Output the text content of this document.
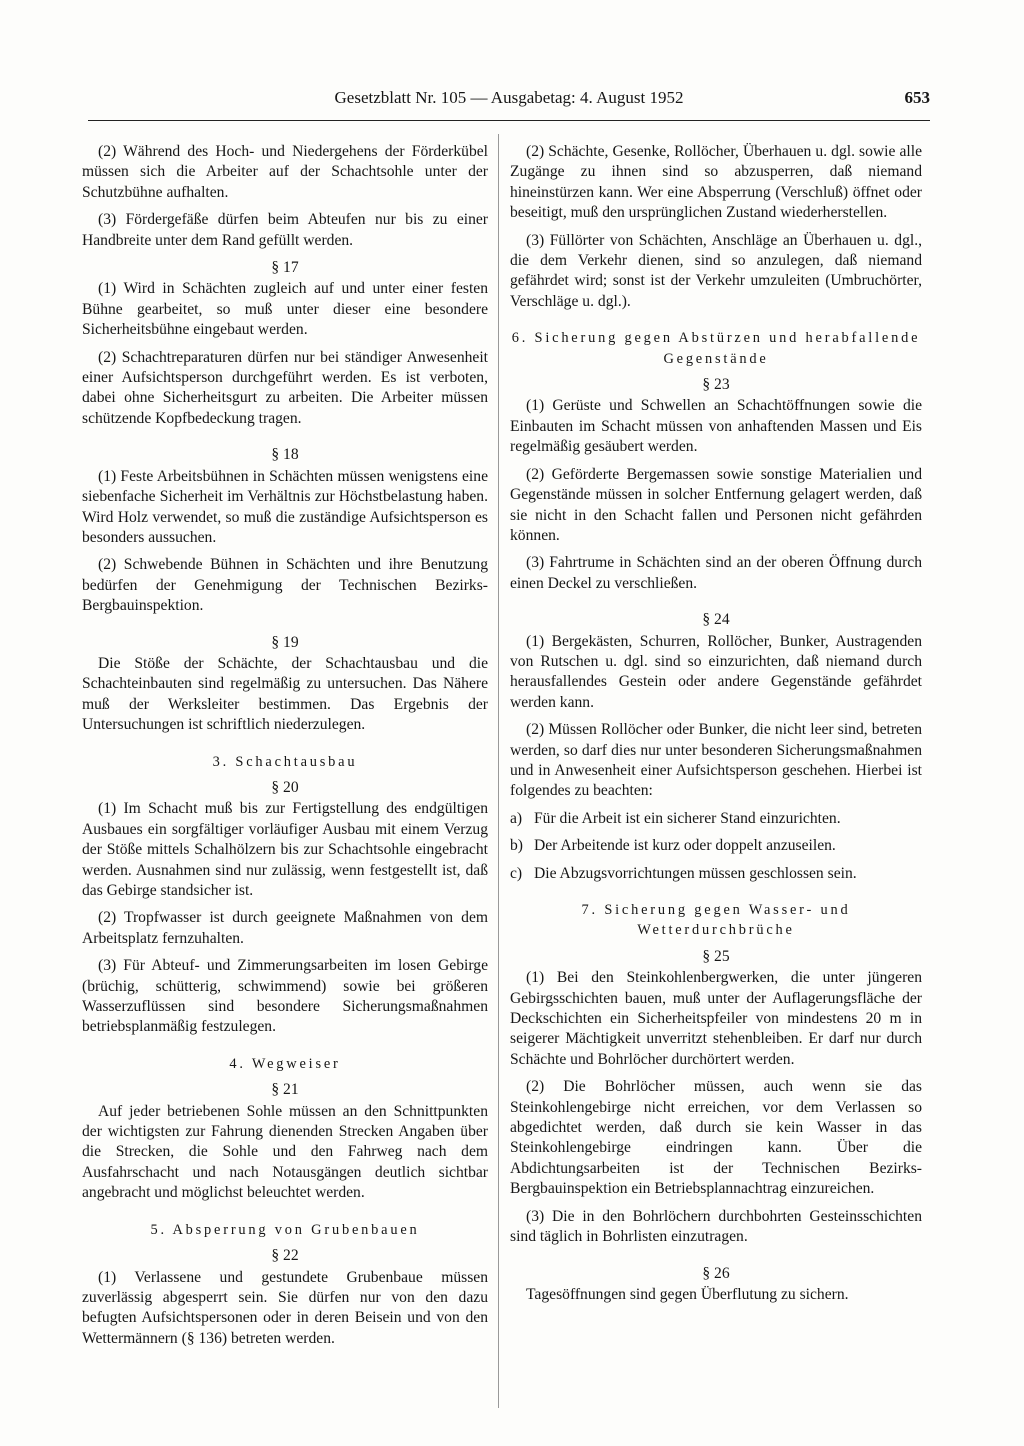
Gesetzblatt Nr. 105 — Ausgabetag: 4. August 1952	653

(2) Während des Hoch- und Niedergehens der Förderkübel müssen sich die Arbeiter auf der Schachtsohle unter der Schutzbühne aufhalten.

(3) Fördergefäße dürfen beim Abteufen nur bis zu einer Handbreite unter dem Rand gefüllt werden.

§ 17

(1) Wird in Schächten zugleich auf und unter einer festen Bühne gearbeitet, so muß unter dieser eine besondere Sicherheitsbühne eingebaut werden.

(2) Schachtreparaturen dürfen nur bei ständiger Anwesenheit einer Aufsichtsperson durchgeführt werden. Es ist verboten, dabei ohne Sicherheitsgurt zu arbeiten. Die Arbeiter müssen schützende Kopfbedeckung tragen.

§ 18

(1) Feste Arbeitsbühnen in Schächten müssen wenigstens eine siebenfache Sicherheit im Verhältnis zur Höchstbelastung haben. Wird Holz verwendet, so muß die zuständige Aufsichtsperson es besonders aussuchen.

(2) Schwebende Bühnen in Schächten und ihre Benutzung bedürfen der Genehmigung der Technischen Bezirks-Bergbauinspektion.

§ 19

Die Stöße der Schächte, der Schachtausbau und die Schachteinbauten sind regelmäßig zu untersuchen. Das Nähere muß der Werksleiter bestimmen. Das Ergebnis der Untersuchungen ist schriftlich niederzulegen.

3. Schachtausbau
§ 20

(1) Im Schacht muß bis zur Fertigstellung des endgültigen Ausbaues ein sorgfältiger vorläufiger Ausbau mit einem Verzug der Stöße mittels Schalhölzern bis zur Schachtsohle eingebracht werden. Ausnahmen sind nur zulässig, wenn festgestellt ist, daß das Gebirge standsicher ist.

(2) Tropfwasser ist durch geeignete Maßnahmen von dem Arbeitsplatz fernzuhalten.

(3) Für Abteuf- und Zimmerungsarbeiten im losen Gebirge (brüchig, schütterig, schwimmend) sowie bei größeren Wasserzuflüssen sind besondere Sicherungsmaßnahmen betriebsplanmäßig festzulegen.

4. Wegweiser
§ 21

Auf jeder betriebenen Sohle müssen an den Schnittpunkten der wichtigsten zur Fahrung dienenden Strecken Angaben über die Strecken, die Sohle und den Fahrweg nach dem Ausfahrschacht und nach Notausgängen deutlich sichtbar angebracht und möglichst beleuchtet werden.

5. Absperrung von Grubenbauen
§ 22

(1) Verlassene und gestundete Grubenbaue müssen zuverlässig abgesperrt sein. Sie dürfen nur von den dazu befugten Aufsichtspersonen oder in deren Beisein und von den Wettermännern (§ 136) betreten werden.

(2) Schächte, Gesenke, Rollöcher, Überhauen u. dgl. sowie alle Zugänge zu ihnen sind so abzusperren, daß niemand hineinstürzen kann. Wer eine Absperrung (Verschluß) öffnet oder beseitigt, muß den ursprünglichen Zustand wiederherstellen.

(3) Füllörter von Schächten, Anschläge an Überhauen u. dgl., die dem Verkehr dienen, sind so anzulegen, daß niemand gefährdet wird; sonst ist der Verkehr umzuleiten (Umbruchörter, Verschläge u. dgl.).

6. Sicherung gegen Abstürzen und herabfallende Gegenstände
§ 23

(1) Gerüste und Schwellen an Schachtöffnungen sowie die Einbauten im Schacht müssen von anhaftenden Massen und Eis regelmäßig gesäubert werden.

(2) Geförderte Bergemassen sowie sonstige Materialien und Gegenstände müssen in solcher Entfernung gelagert werden, daß sie nicht in den Schacht fallen und Personen nicht gefährden können.

(3) Fahrtrume in Schächten sind an der oberen Öffnung durch einen Deckel zu verschließen.

§ 24

(1) Bergekästen, Schurren, Rollöcher, Bunker, Austragenden von Rutschen u. dgl. sind so einzurichten, daß niemand durch herausfallendes Gestein oder andere Gegenstände gefährdet werden kann.

(2) Müssen Rollöcher oder Bunker, die nicht leer sind, betreten werden, so darf dies nur unter besonderen Sicherungsmaßnahmen und in Anwesenheit einer Aufsichtsperson geschehen. Hierbei ist folgendes zu beachten:

a) Für die Arbeit ist ein sicherer Stand einzurichten.
b) Der Arbeitende ist kurz oder doppelt anzuseilen.
c) Die Abzugsvorrichtungen müssen geschlossen sein.
7. Sicherung gegen Wasser- und Wetterdurchbrüche
§ 25

(1) Bei den Steinkohlenbergwerken, die unter jüngeren Gebirgsschichten bauen, muß unter der Auflagerungsfläche der Deckschichten ein Sicherheitspfeiler von mindestens 20 m in seigerer Mächtigkeit unverritzt stehenbleiben. Er darf nur durch Schächte und Bohrlöcher durchörtert werden.

(2) Die Bohrlöcher müssen, auch wenn sie das Steinkohlengebirge nicht erreichen, vor dem Verlassen so abgedichtet werden, daß durch sie kein Wasser in das Steinkohlengebirge eindringen kann. Über die Abdichtungsarbeiten ist der Technischen Bezirks-Bergbauinspektion ein Betriebsplannachtrag einzureichen.

(3) Die in den Bohrlöchern durchbohrten Gesteinsschichten sind täglich in Bohrlisten einzutragen.

§ 26

Tagesöffnungen sind gegen Überflutung zu sichern.
